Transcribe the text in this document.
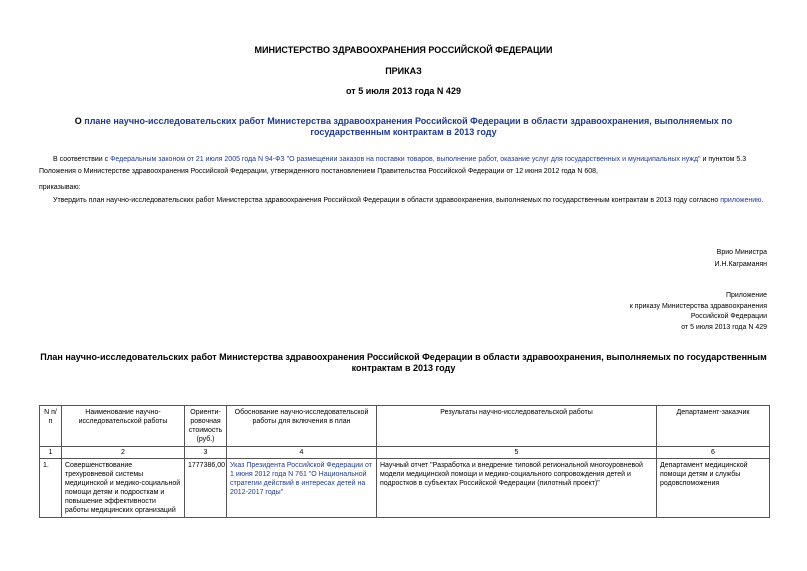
МИНИСТЕРСТВО ЗДРАВООХРАНЕНИЯ РОССИЙСКОЙ ФЕДЕРАЦИИ
ПРИКАЗ
от 5 июля 2013 года N 429
О плане научно-исследовательских работ Министерства здравоохранения Российской Федерации в области здравоохранения, выполняемых по государственным контрактам в 2013 году
В соответствии с Федеральным законом от 21 июля 2005 года N 94-ФЗ "О размещении заказов на поставки товаров, выполнение работ, оказание услуг для государственных и муниципальных нужд" и пунктом 5.3 Положения о Министерстве здравоохранения Российской Федерации, утвержденного постановлением Правительства Российской Федерации от 12 июня 2012 года N 608,
приказываю:
Утвердить план научно-исследовательских работ Министерства здравоохранения Российской Федерации в области здравоохранения, выполняемых по государственным контрактам в 2013 году согласно приложению.
Врио Министра
И.Н.Каграманян
Приложение
к приказу Министерства здравоохранения
Российской Федерации
от 5 июля 2013 года N 429
План научно-исследовательских работ Министерства здравоохранения Российской Федерации в области здравоохранения, выполняемых по государственным контрактам в 2013 году
N п/п	Наименование научно-исследовательской работы	Ориенти-ровочная стоимость (руб.)	Обоснование научно-исследовательской работы для включения в план	Результаты научно-исследовательской работы	Департамент-заказчик
1	2	3	4	5	6
1.	Совершенствование трехуровневой системы медицинской и медико-социальной помощи детям и подросткам и повышение эффективности работы медицинских организаций	1777386,00	Указ Президента Российской Федерации от 1 июня 2012 года N 761 "О Национальной стратегии действий в интересах детей на 2012-2017 годы"	Научный отчет "Разработка и внедрение типовой региональной многоуровневой модели медицинской помощи и медико-социального сопровождения детей и подростков в субъектах Российской Федерации (пилотный проект)"	Департамент медицинской помощи детям и службы родовспоможения
